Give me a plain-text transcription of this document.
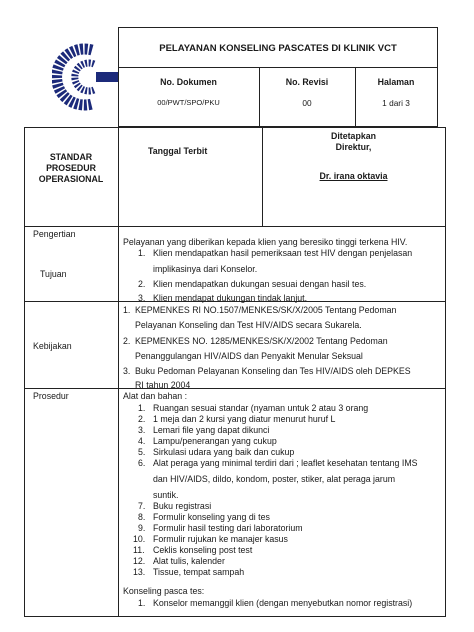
PELAYANAN KONSELING PASCATES DI KLINIK VCT
No. Dokumen	No. Revisi	Halaman
00/PWT/SPO/PKU	00	1 dari 3
STANDAR
PROSEDUR
OPERASIONAL
Tanggal Terbit
Ditetapkan
Direktur,
Dr. irana oktavia
Pengertian
Pelayanan yang diberikan kepada klien yang beresiko tinggi terkena HIV.
Tujuan
1. Klien mendapatkan hasil pemeriksaan test HIV dengan penjelasan
implikasinya dari Konselor.
2. Klien mendapatkan dukungan sesuai dengan hasil tes.
3. Klien mendapat dukungan tindak lanjut.
Kebijakan
1. KEPMENKES RI NO.1507/MENKES/SK/X/2005 Tentang Pedoman
Pelayanan Konseling dan Test HIV/AIDS secara Sukarela.
2. KEPMENKES NO. 1285/MENKES/SK/X/2002 Tentang Pedoman
Penanggulangan HIV/AIDS dan Penyakit Menular Seksual
3. Buku Pedoman Pelayanan Konseling dan Tes HIV/AIDS oleh DEPKES
RI tahun 2004
Prosedur	Alat dan bahan :
1. Ruangan sesuai standar (nyaman untuk 2 atau 3 orang
2. 1 meja dan 2 kursi yang diatur menurut huruf L
3. Lemari file yang dapat dikunci
4. Lampu/penerangan yang cukup
5. Sirkulasi udara yang baik dan cukup
6. Alat peraga yang minimal terdiri dari ; leaflet kesehatan tentang IMS
dan HIV/AIDS, dildo, kondom, poster, stiker, alat peraga jarum
suntik.
7. Buku registrasi
8. Formulir konseling yang di tes
9. Formulir hasil testing dari laboratorium
10. Formulir rujukan ke manajer kasus
11. Ceklis konseling post test
12. Alat tulis, kalender
13. Tissue, tempat sampah
Konseling pasca tes:
1. Konselor memanggil klien (dengan menyebutkan nomor registrasi)
